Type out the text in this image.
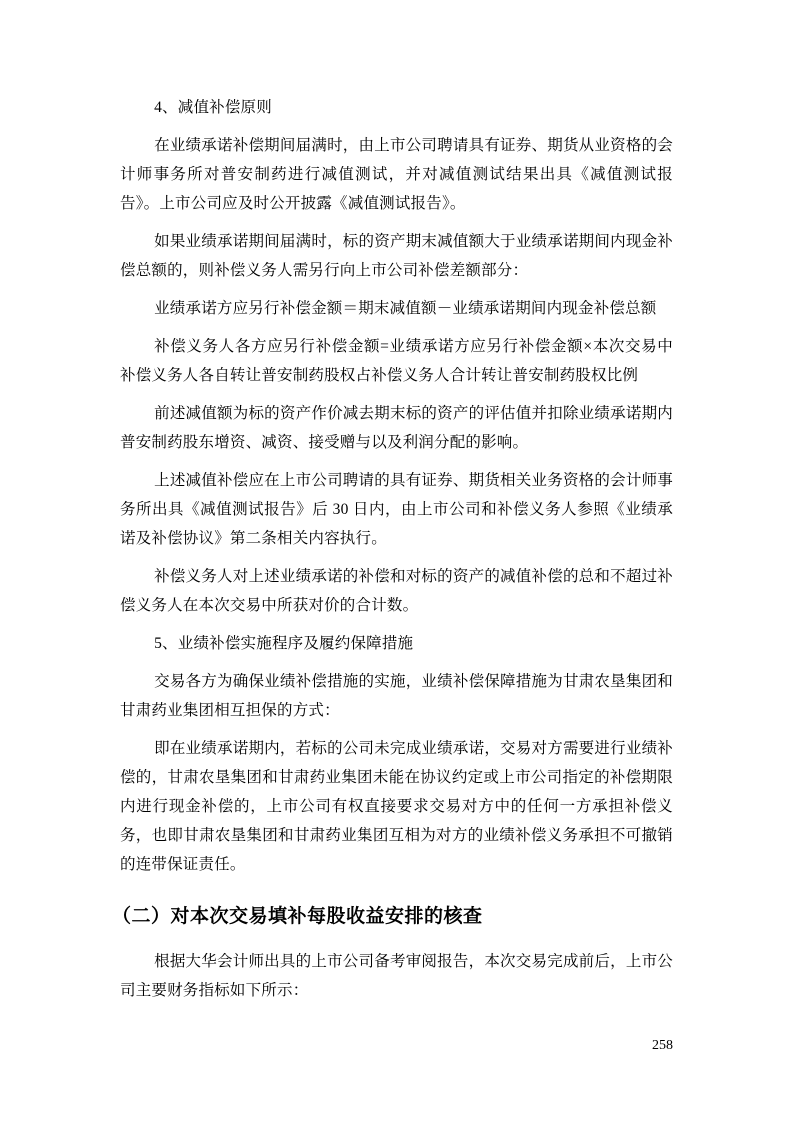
4、减值补偿原则

在业绩承诺补偿期间届满时，由上市公司聘请具有证券、期货从业资格的会计师事务所对普安制药进行减值测试，并对减值测试结果出具《减值测试报告》。上市公司应及时公开披露《减值测试报告》。

如果业绩承诺期间届满时，标的资产期末减值额大于业绩承诺期间内现金补偿总额的，则补偿义务人需另行向上市公司补偿差额部分：

业绩承诺方应另行补偿金额＝期末减值额－业绩承诺期间内现金补偿总额

补偿义务人各方应另行补偿金额=业绩承诺方应另行补偿金额×本次交易中补偿义务人各自转让普安制药股权占补偿义务人合计转让普安制药股权比例

前述减值额为标的资产作价减去期末标的资产的评估值并扣除业绩承诺期内普安制药股东增资、减资、接受赠与以及利润分配的影响。

上述减值补偿应在上市公司聘请的具有证券、期货相关业务资格的会计师事务所出具《减值测试报告》后 30 日内，由上市公司和补偿义务人参照《业绩承诺及补偿协议》第二条相关内容执行。

补偿义务人对上述业绩承诺的补偿和对标的资产的减值补偿的总和不超过补偿义务人在本次交易中所获对价的合计数。

5、业绩补偿实施程序及履约保障措施

交易各方为确保业绩补偿措施的实施，业绩补偿保障措施为甘肃农垦集团和甘肃药业集团相互担保的方式：

即在业绩承诺期内，若标的公司未完成业绩承诺，交易对方需要进行业绩补偿的，甘肃农垦集团和甘肃药业集团未能在协议约定或上市公司指定的补偿期限内进行现金补偿的，上市公司有权直接要求交易对方中的任何一方承担补偿义务，也即甘肃农垦集团和甘肃药业集团互相为对方的业绩补偿义务承担不可撤销的连带保证责任。

（二）对本次交易填补每股收益安排的核查

根据大华会计师出具的上市公司备考审阅报告，本次交易完成前后，上市公司主要财务指标如下所示：

258
